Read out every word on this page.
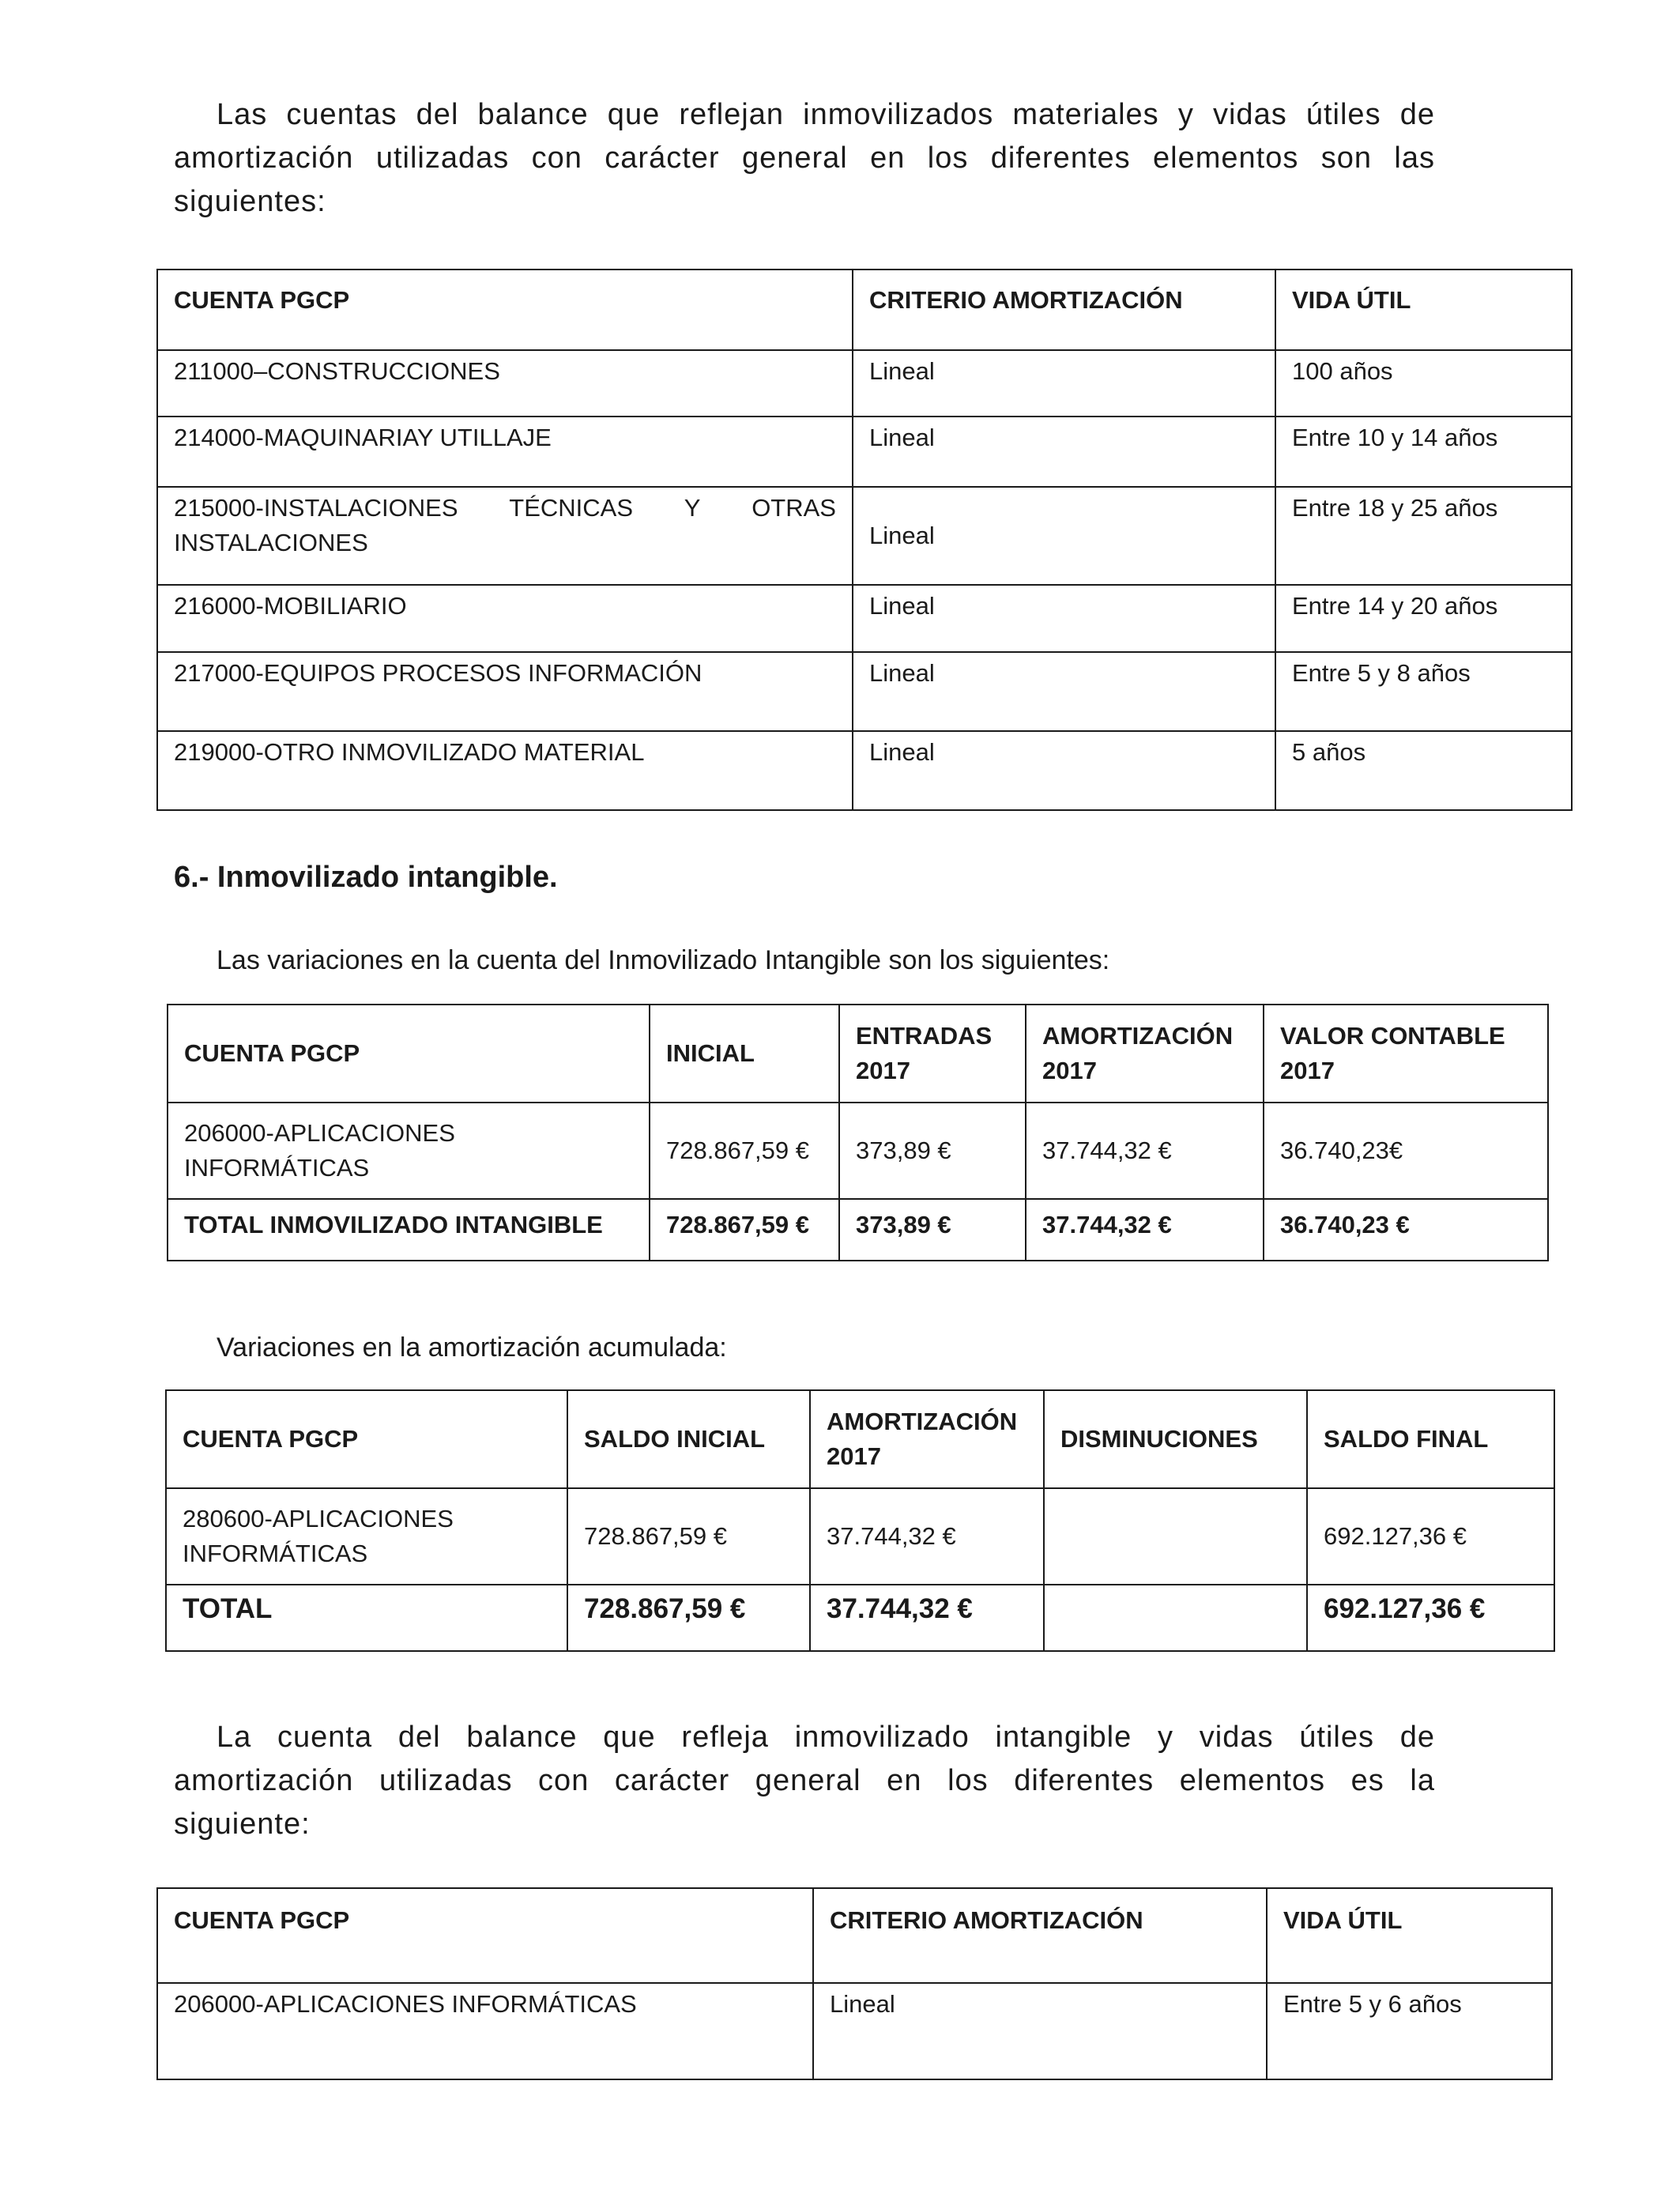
Las cuentas del balance que reflejan inmovilizados materiales y vidas útiles de amortización utilizadas con carácter general en los diferentes elementos son las siguientes:

CUENTA PGCP	CRITERIO AMORTIZACIÓN	VIDA ÚTIL
211000–CONSTRUCCIONES	Lineal	100 años
214000-MAQUINARIAY UTILLAJE	Lineal	Entre 10 y 14 años

215000-INSTALACIONES TÉCNICAS Y OTRAS INSTALACIONES	Lineal	Entre 18 y 25 años
216000-MOBILIARIO	Lineal	Entre 14 y 20 años
217000-EQUIPOS PROCESOS INFORMACIÓN	Lineal	Entre 5 y 8 años
219000-OTRO INMOVILIZADO MATERIAL	Lineal	5 años
6.- Inmovilizado intangible.

Las variaciones en la cuenta del Inmovilizado Intangible son los siguientes:

CUENTA PGCP	INICIAL	ENTRADAS 2017	AMORTIZACIÓN 2017	VALOR CONTABLE 2017
206000-APLICACIONES INFORMÁTICAS	728.867,59 €	373,89 €	37.744,32 €	36.740,23€
TOTAL INMOVILIZADO INTANGIBLE	728.867,59 €	373,89 €	37.744,32 €	36.740,23 €

Variaciones en la amortización acumulada:

CUENTA PGCP	SALDO INICIAL	AMORTIZACIÓN 2017	DISMINUCIONES	SALDO FINAL
280600-APLICACIONES INFORMÁTICAS	728.867,59 €	37.744,32 €		692.127,36 €
TOTAL	728.867,59 €	37.744,32 €		692.127,36 €

La cuenta del balance que refleja inmovilizado intangible y vidas útiles de amortización utilizadas con carácter general en los diferentes elementos es la siguiente:

CUENTA PGCP	CRITERIO AMORTIZACIÓN	VIDA ÚTIL
206000-APLICACIONES INFORMÁTICAS	Lineal	Entre 5 y 6 años
